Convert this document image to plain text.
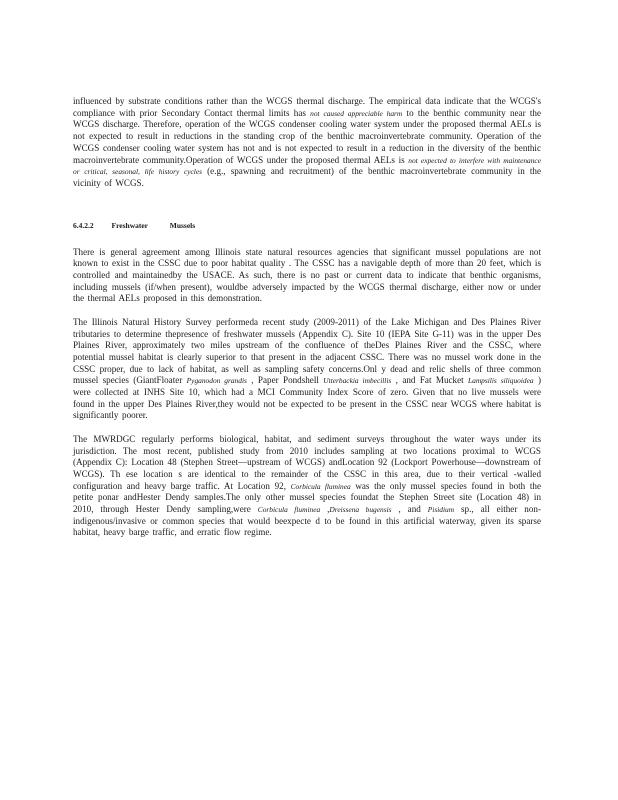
influenced by substrate conditions rather than the WCGS thermal discharge. The empirical data indicate that the WCGS's compliance with prior Secondary Contact thermal limits has not caused appreciable harm to the benthic community near the WCGS discharge. Therefore, operation of the WCGS condenser cooling water system under the proposed thermal AELs is not expected to result in reductions in the standing crop of the benthic macroinvertebrate community. Operation of the WCGS condenser cooling water system has not and is not expected to result in a reduction in the diversity of the benthic macroinvertebrate community.Operation of WCGS under the proposed thermal AELs is not expected to interfere with maintenance or critical, seasonal, life history cycles (e.g., spawning and recruitment) of the benthic macroinvertebrate community in the vicinity of WCGS.

6.4.2.2 Freshwater	Mussels

There is general agreement among Illinois state natural resources agencies that significant mussel populations are not known to exist in the CSSC due to poor habitat quality . The CSSC has a navigable depth of more than 20 feet, which is controlled and maintainedby the USACE. As such, there is no past or current data to indicate that benthic organisms, including mussels (if/when present), wouldbe adversely impacted by the WCGS thermal discharge, either now or under the thermal AELs proposed in this demonstration.

The Illinois Natural History Survey performeda recent study (2009-2011) of the Lake Michigan and Des Plaines River tributaries to determine thepresence of freshwater mussels (Appendix C). Site 10 (IEPA Site G-11) was in the upper Des Plaines River, approximately two miles upstream of the confluence of theDes Plaines River and the CSSC, where potential mussel habitat is clearly superior to that present in the adjacent CSSC. There was no mussel work done in the CSSC proper, due to lack of habitat, as well as sampling safety concerns.Onl y dead and relic shells of three common mussel species (GiantFloater Pyganodon grandis , Paper Pondshell Utterbackia imbecillis , and Fat Mucket Lampsilis siliquoidea ) were collected at INHS Site 10, which had a MCI Community Index Score of zero. Given that no live mussels were found in the upper Des Plaines River,they would not be expected to be present in the CSSC near WCGS where habitat is significantly poorer.

The MWRDGC regularly performs biological, habitat, and sediment surveys throughout the water ways under its jurisdiction. The most recent, published study from 2010 includes sampling at two locations proximal to WCGS (Appendix C): Location 48 (Stephen Street—upstream of WCGS) andLocation 92 (Lockport Powerhouse—downstream of WCGS). Th ese location s are identical to the remainder of the CSSC in this area, due to their vertical -walled configuration and heavy barge traffic. At Location 92, Corbicula fluminea was the only mussel species found in both the petite ponar andHester Dendy samples.The only other mussel species foundat the Stephen Street site (Location 48) in 2010, through Hester Dendy sampling,were Corbicula fluminea ,Dreissena bugensis , and Pisidium sp., all either non-indigenous/invasive or common species that would beexpecte d to be found in this artificial waterway, given its sparse habitat, heavy barge traffic, and erratic flow regime.
